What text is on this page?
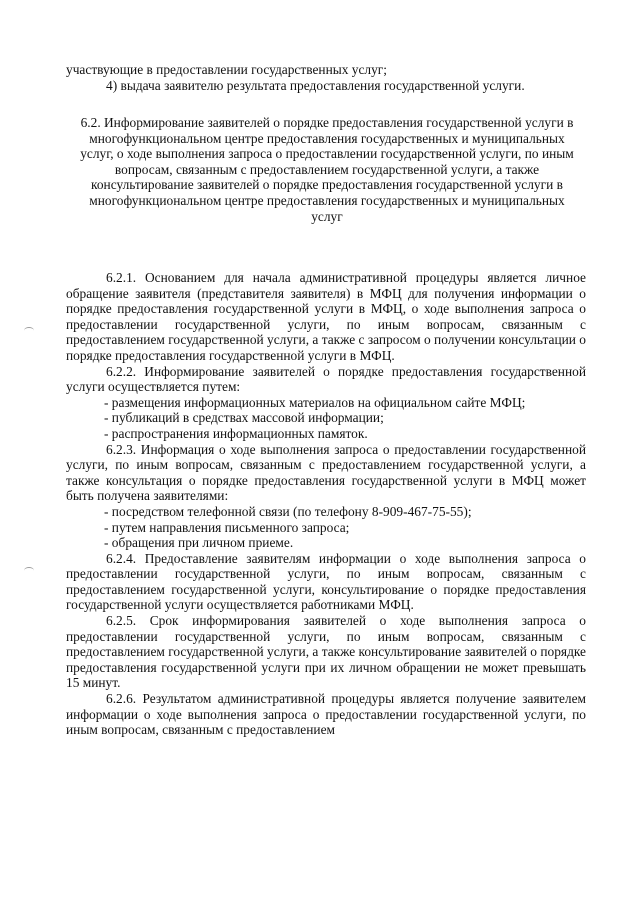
участвующие в предоставлении государственных услуг;

4) выдача заявителю результата предоставления государственной услуги.

6.2. Информирование заявителей о порядке предоставления государственной услуги в многофункциональном центре предоставления государственных и муниципальных услуг, о ходе выполнения запроса о предоставлении государственной услуги, по иным вопросам, связанным с предоставлением государственной услуги, а также консультирование заявителей о порядке предоставления государственной услуги в многофункциональном центре предоставления государственных и муниципальных услуг

6.2.1. Основанием для начала административной процедуры является личное обращение заявителя (представителя заявителя) в МФЦ для получения информации о порядке предоставления государственной услуги в МФЦ, о ходе выполнения запроса о предоставлении государственной услуги, по иным вопросам, связанным с предоставлением государственной услуги, а также с запросом о получении консультации о порядке предоставления государственной услуги в МФЦ.

6.2.2. Информирование заявителей о порядке предоставления государственной услуги осуществляется путем:

- размещения информационных материалов на официальном сайте МФЦ;

- публикаций в средствах массовой информации;

- распространения информационных памяток.

6.2.3. Информация о ходе выполнения запроса о предоставлении государственной услуги, по иным вопросам, связанным с предоставлением государственной услуги, а также консультация о порядке предоставления государственной услуги в МФЦ может быть получена заявителями:

- посредством телефонной связи (по телефону 8-909-467-75-55);

- путем направления письменного запроса;

- обращения при личном приеме.

6.2.4. Предоставление заявителям информации о ходе выполнения запроса о предоставлении государственной услуги, по иным вопросам, связанным с предоставлением государственной услуги, консультирование о порядке предоставления государственной услуги осуществляется работниками МФЦ.

6.2.5. Срок информирования заявителей о ходе выполнения запроса о предоставлении государственной услуги, по иным вопросам, связанным с предоставлением государственной услуги, а также консультирование заявителей о порядке предоставления государственной услуги при их личном обращении не может превышать 15 минут.

6.2.6. Результатом административной процедуры является получение заявителем информации о ходе выполнения запроса о предоставлении государственной услуги, по иным вопросам, связанным с предоставлением
